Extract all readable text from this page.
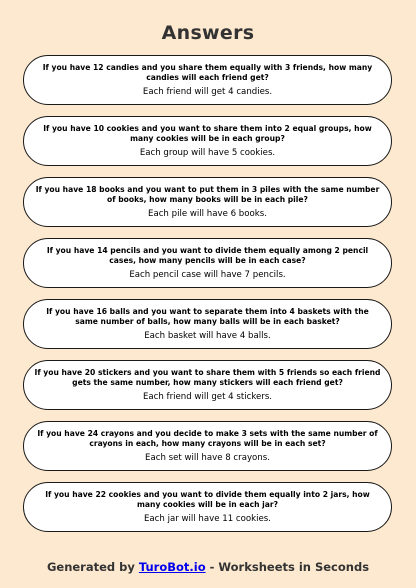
Answers
If you have 12 candies and you share them equally with 3 friends, how many candies will each friend get?
Each friend will get 4 candies.
If you have 10 cookies and you want to share them into 2 equal groups, how many cookies will be in each group?
Each group will have 5 cookies.
If you have 18 books and you want to put them in 3 piles with the same number of books, how many books will be in each pile?
Each pile will have 6 books.
If you have 14 pencils and you want to divide them equally among 2 pencil cases, how many pencils will be in each case?
Each pencil case will have 7 pencils.
If you have 16 balls and you want to separate them into 4 baskets with the same number of balls, how many balls will be in each basket?
Each basket will have 4 balls.
If you have 20 stickers and you want to share them with 5 friends so each friend gets the same number, how many stickers will each friend get?
Each friend will get 4 stickers.
If you have 24 crayons and you decide to make 3 sets with the same number of crayons in each, how many crayons will be in each set?
Each set will have 8 crayons.
If you have 22 cookies and you want to divide them equally into 2 jars, how many cookies will be in each jar?
Each jar will have 11 cookies.
Generated by TuroBot.io - Worksheets in Seconds
